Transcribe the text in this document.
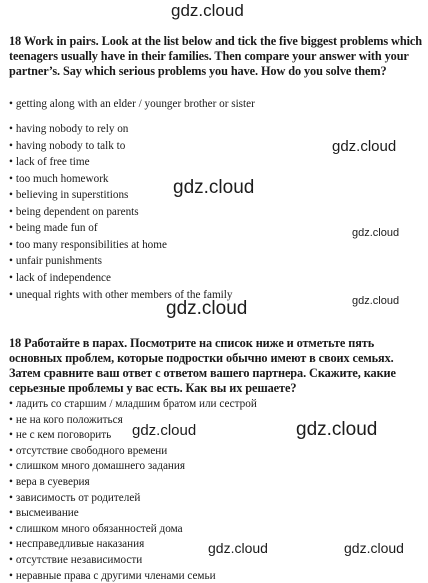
gdz.cloud
18 Work in pairs. Look at the list below and tick the five biggest problems which teenagers usually have in their families. Then compare your answer with your partner’s. Say which serious problems you have. How do you solve them?
• getting along with an elder / younger brother or sister
• having nobody to rely on
• having nobody to talk to
• lack of free time
• too much homework
• believing in superstitions
• being dependent on parents
• being made fun of
• too many responsibilities at home
• unfair punishments
• lack of independence
• unequal rights with other members of the family
gdz.cloud
gdz.cloud
gdz.cloud
gdz.cloud	gdz.cloud
18 Работайте в парах. Посмотрите на список ниже и отметьте пять основных проблем, которые подростки обычно имеют в своих семьях. Затем сравните ваш ответ с ответом вашего партнера. Скажите, какие серьезные проблемы у вас есть. Как вы их решаете?
• ладить со старшим / младшим братом или сестрой
• не на кого положиться
• не с кем поговорить
• отсутствие свободного времени
• слишком много домашнего задания
• вера в суеверия
• зависимость от родителей
• высмеивание
• слишком много обязанностей дома
• несправедливые наказания
• отсутствие независимости
• неравные права с другими членами семьи
gdz.cloud	gdz.cloud
gdz.cloud	gdz.cloud
